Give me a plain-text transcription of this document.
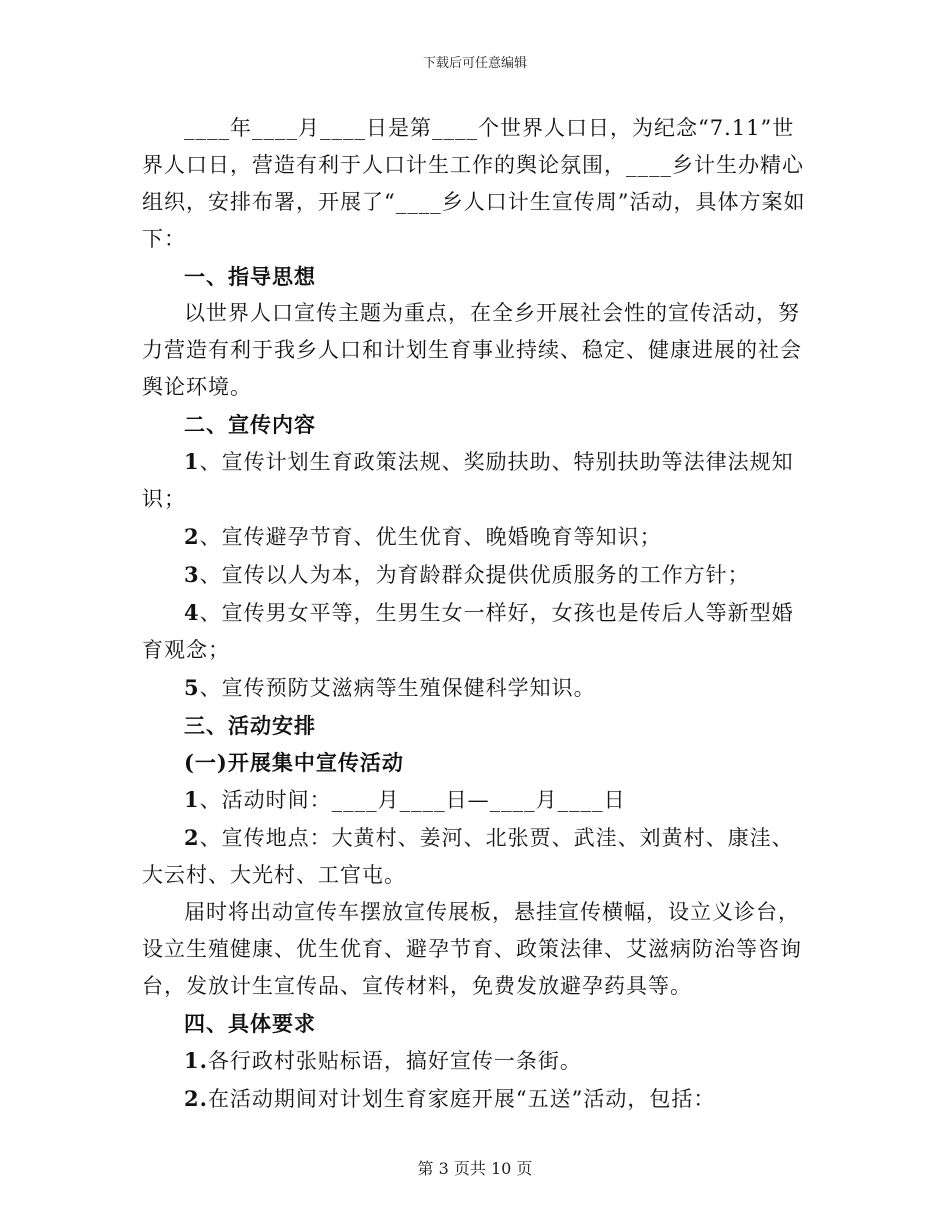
下载后可任意编辑

____年____月____日是第____个世界人口日，为纪念“7.11”世界人口日，营造有利于人口计生工作的舆论氛围，____乡计生办精心组织，安排布署，开展了“____乡人口计生宣传周”活动，具体方案如下：

一、指导思想

以世界人口宣传主题为重点，在全乡开展社会性的宣传活动，努力营造有利于我乡人口和计划生育事业持续、稳定、健康进展的社会舆论环境。

二、宣传内容

1、宣传计划生育政策法规、奖励扶助、特别扶助等法律法规知识；

2、宣传避孕节育、优生优育、晚婚晚育等知识；

3、宣传以人为本，为育龄群众提供优质服务的工作方针；

4、宣传男女平等，生男生女一样好，女孩也是传后人等新型婚育观念；

5、宣传预防艾滋病等生殖保健科学知识。

三、活动安排

(一)开展集中宣传活动

1、活动时间：____月____日—____月____日

2、宣传地点：大黄村、姜河、北张贾、武洼、刘黄村、康洼、大云村、大光村、工官屯。

届时将出动宣传车摆放宣传展板，悬挂宣传横幅，设立义诊台，设立生殖健康、优生优育、避孕节育、政策法律、艾滋病防治等咨询台，发放计生宣传品、宣传材料，免费发放避孕药具等。

四、具体要求

1.各行政村张贴标语，搞好宣传一条街。

2.在活动期间对计划生育家庭开展“五送”活动，包括：

第 3 页共 10 页
